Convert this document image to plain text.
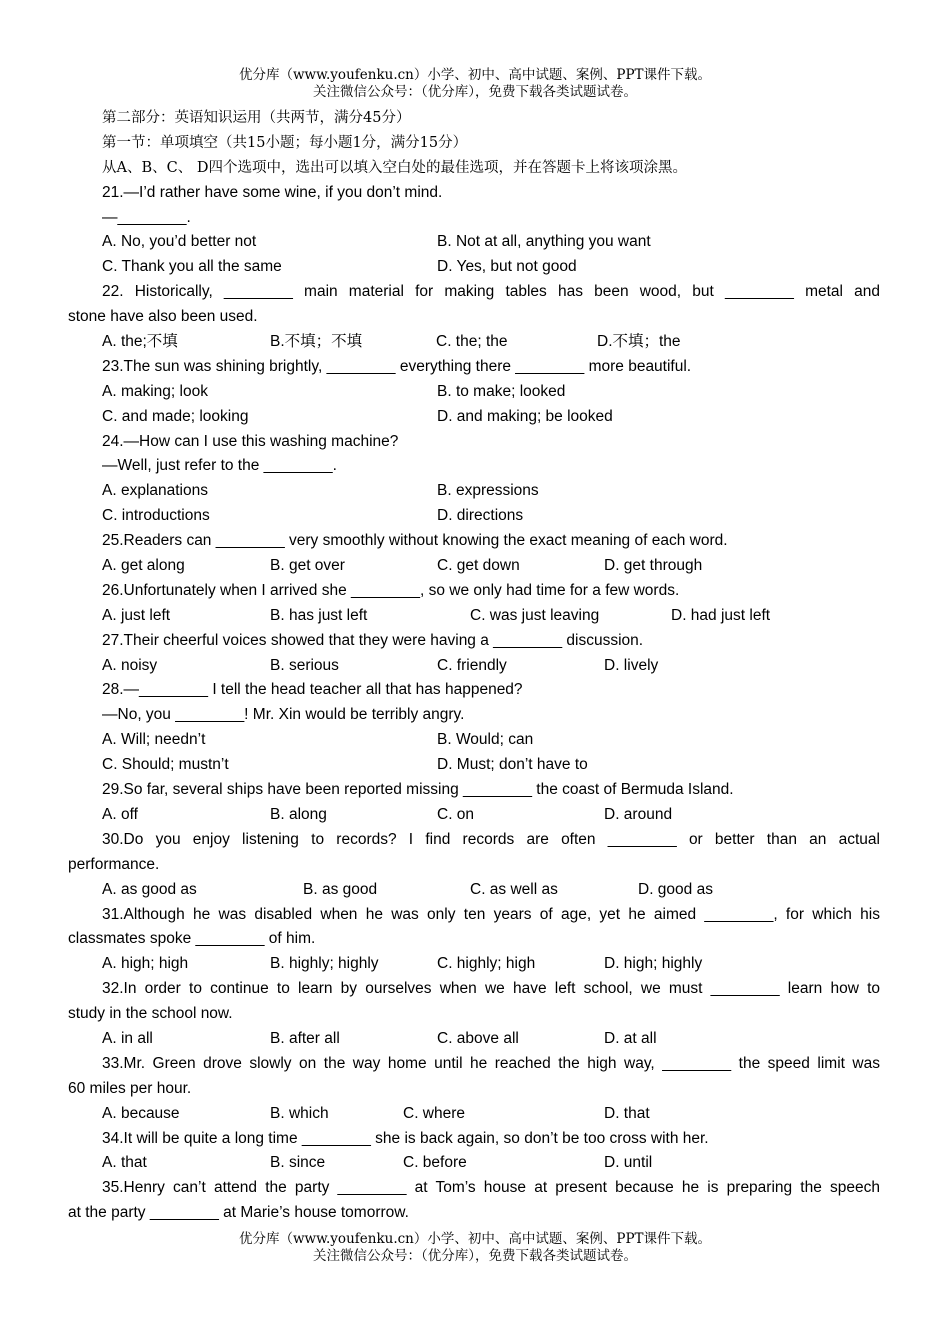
优分库（www.youfenku.cn）小学、初中、高中试题、案例、PPT课件下载。
关注微信公众号：（优分库），免费下载各类试题试卷。
第二部分：英语知识运用（共两节，满分45分）
第一节：单项填空（共15小题；每小题1分，满分15分）
从A、B、C、 D四个选项中，选出可以填入空白处的最佳选项，并在答题卡上将该项涂黑。
21.—I’d rather have some wine, if you don’t mind.
—________.
A. No, you’d better not	B. Not at all, anything you want
C. Thank you all the same	D. Yes, but not good
22. Historically, ________ main material for making tables has been wood, but ________ metal and
stone have also been used.
A. the;不填	B.不填；不填	C. the; the	D.不填；the
23.The sun was shining brightly, ________ everything there ________ more beautiful.
A. making; look	B. to make; looked
C. and made; looking	D. and making; be looked
24.—How can I use this washing machine?
—Well, just refer to the ________.
A. explanations	B. expressions
C. introductions	D. directions
25.Readers can ________ very smoothly without knowing the exact meaning of each word.
A. get along	B. get over	C. get down	D. get through
26.Unfortunately when I arrived she ________, so we only had time for a few words.
A. just left	B. has just left	C. was just leaving	D. had just left
27.Their cheerful voices showed that they were having a ________ discussion.
A. noisy	B. serious	C. friendly	D. lively
28.—________ I tell the head teacher all that has happened?
—No, you ________! Mr. Xin would be terribly angry.
A. Will; needn’t	B. Would; can
C. Should; mustn’t	D. Must; don’t have to
29.So far, several ships have been reported missing ________ the coast of Bermuda Island.
A. off	B. along	C. on	D. around
30.Do you enjoy listening to records? I find records are often ________ or better than an actual
performance.
A. as good as	B. as good	C. as well as	D. good as
31.Although he was disabled when he was only ten years of age, yet he aimed ________, for which his
classmates spoke ________ of him.
A. high; high	B. highly; highly	C. highly; high	D. high; highly
32.In order to continue to learn by ourselves when we have left school, we must ________ learn how to
study in the school now.
A. in all	B. after all	C. above all	D. at all
33.Mr. Green drove slowly on the way home until he reached the high way, ________ the speed limit was
60 miles per hour.
A. because	B. which	C. where	D. that
34.It will be quite a long time ________ she is back again, so don’t be too cross with her.
A. that	B. since	C. before	D. until
35.Henry can’t attend the party ________ at Tom’s house at present because he is preparing the speech
at the party ________ at Marie’s house tomorrow.
优分库（www.youfenku.cn）小学、初中、高中试题、案例、PPT课件下载。
关注微信公众号：（优分库），免费下载各类试题试卷。
